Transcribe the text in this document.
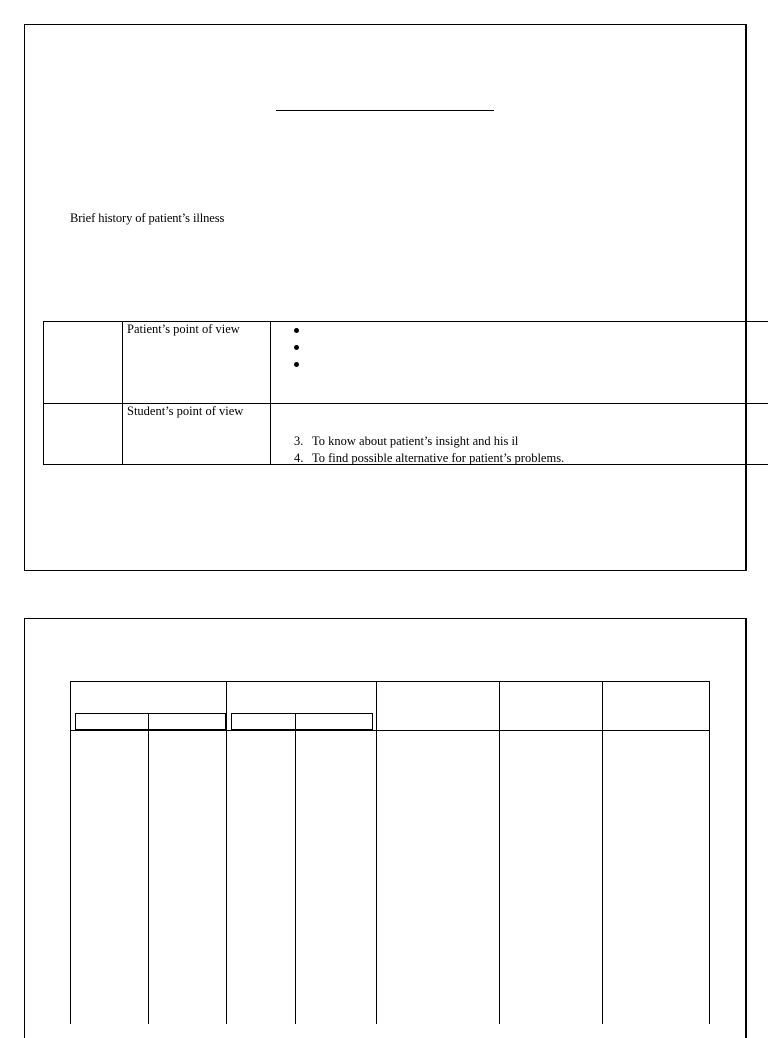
Brief history of patient’s illness
Patient’s point of view
Student’s point of view
3. To know about patient’s insight and his il
4. To find possible alternative for patient’s problems.
